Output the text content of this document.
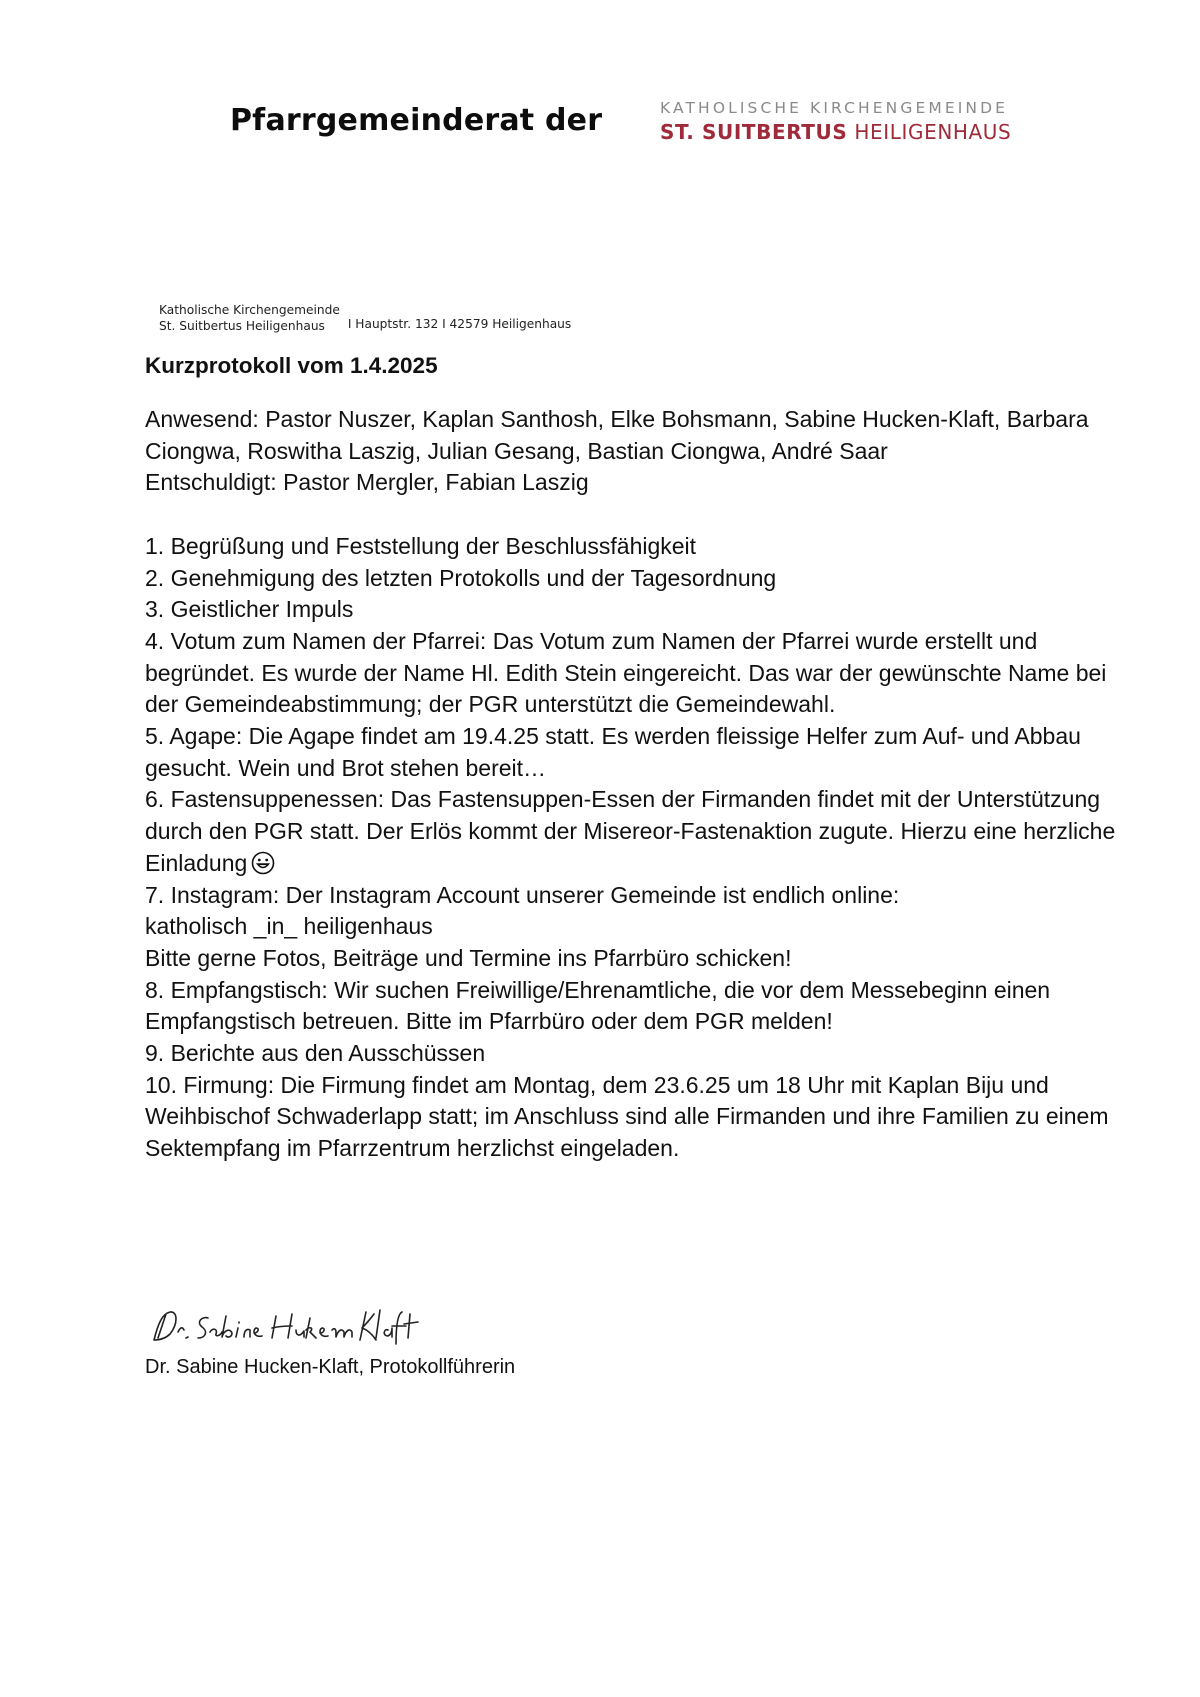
Pfarrgemeinderat der	KATHOLISCHE KIRCHENGEMEINDE
ST. SUITBERTUS HEILIGENHAUS
Katholische Kirchengemeinde
St. Suitbertus Heiligenhaus	I Hauptstr. 132 I 42579 Heiligenhaus

Kurzprotokoll vom 1.4.2025

Anwesend: Pastor Nuszer, Kaplan Santhosh, Elke Bohsmann, Sabine Hucken-Klaft, Barbara Ciongwa, Roswitha Laszig, Julian Gesang, Bastian Ciongwa, André Saar

Entschuldigt: Pastor Mergler, Fabian Laszig

1. Begrüßung und Feststellung der Beschlussfähigkeit
2. Genehmigung des letzten Protokolls und der Tagesordnung
3. Geistlicher Impuls
4. Votum zum Namen der Pfarrei: Das Votum zum Namen der Pfarrei wurde erstellt und begründet. Es wurde der Name Hl. Edith Stein eingereicht. Das war der gewünschte Name bei der Gemeindeabstimmung; der PGR unterstützt die Gemeindewahl.
5. Agape: Die Agape findet am 19.4.25 statt. Es werden fleissige Helfer zum Auf- und Abbau gesucht. Wein und Brot stehen bereit…
6. Fastensuppenessen: Das Fastensuppen-Essen der Firmanden findet mit der Unterstützung durch den PGR statt. Der Erlös kommt der Misereor-Fastenaktion zugute. Hierzu eine herzliche Einladung
7. Instagram: Der Instagram Account unserer Gemeinde ist endlich online:
katholisch _in_ heiligenhaus
Bitte gerne Fotos, Beiträge und Termine ins Pfarrbüro schicken!
8. Empfangstisch: Wir suchen Freiwillige/Ehrenamtliche, die vor dem Messebeginn einen Empfangstisch betreuen. Bitte im Pfarrbüro oder dem PGR melden!
9. Berichte aus den Ausschüssen
10. Firmung: Die Firmung findet am Montag, dem 23.6.25 um 18 Uhr mit Kaplan Biju und Weihbischof Schwaderlapp statt; im Anschluss sind alle Firmanden und ihre Familien zu einem Sektempfang im Pfarrzentrum herzlichst eingeladen.
Dr. Sabine Hucken-Klaft, Protokollführerin
